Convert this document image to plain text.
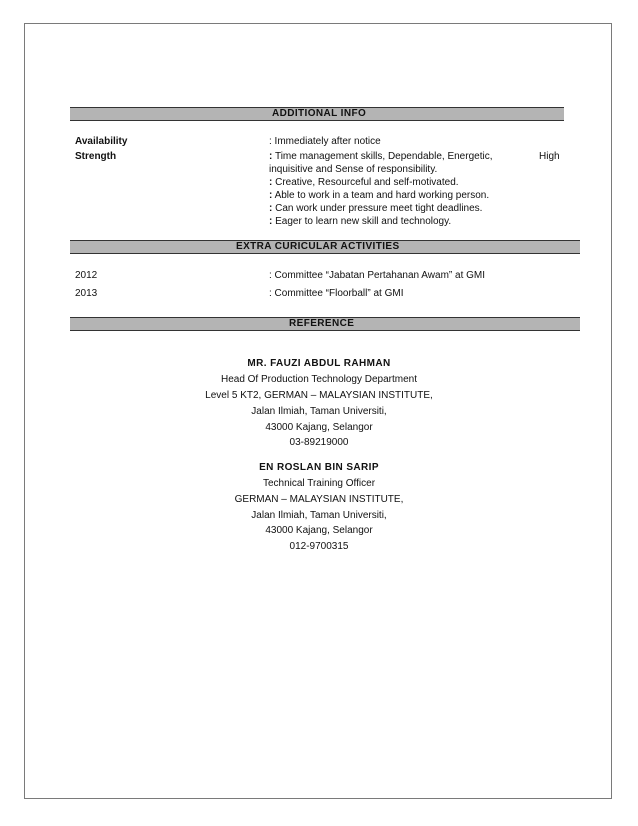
ADDITIONAL INFO
Availability	: Immediately after notice
Strength	: Time management skills, Dependable, Energetic,	High
inquisitive and Sense of responsibility.
: Creative, Resourceful and self-motivated.
: Able to work in a team and hard working person.
: Can work under pressure meet tight deadlines.
: Eager to learn new skill and technology.
EXTRA CURICULAR ACTIVITIES
2012	: Committee “Jabatan Pertahanan Awam” at GMI
2013	: Committee “Floorball” at GMI
REFERENCE
MR. FAUZI ABDUL RAHMAN
Head Of Production Technology Department
Level 5 KT2, GERMAN – MALAYSIAN INSTITUTE,
Jalan Ilmiah, Taman Universiti,
43000 Kajang, Selangor
03-89219000
EN ROSLAN BIN SARIP
Technical Training Officer
GERMAN – MALAYSIAN INSTITUTE,
Jalan Ilmiah, Taman Universiti,
43000 Kajang, Selangor
012-9700315
